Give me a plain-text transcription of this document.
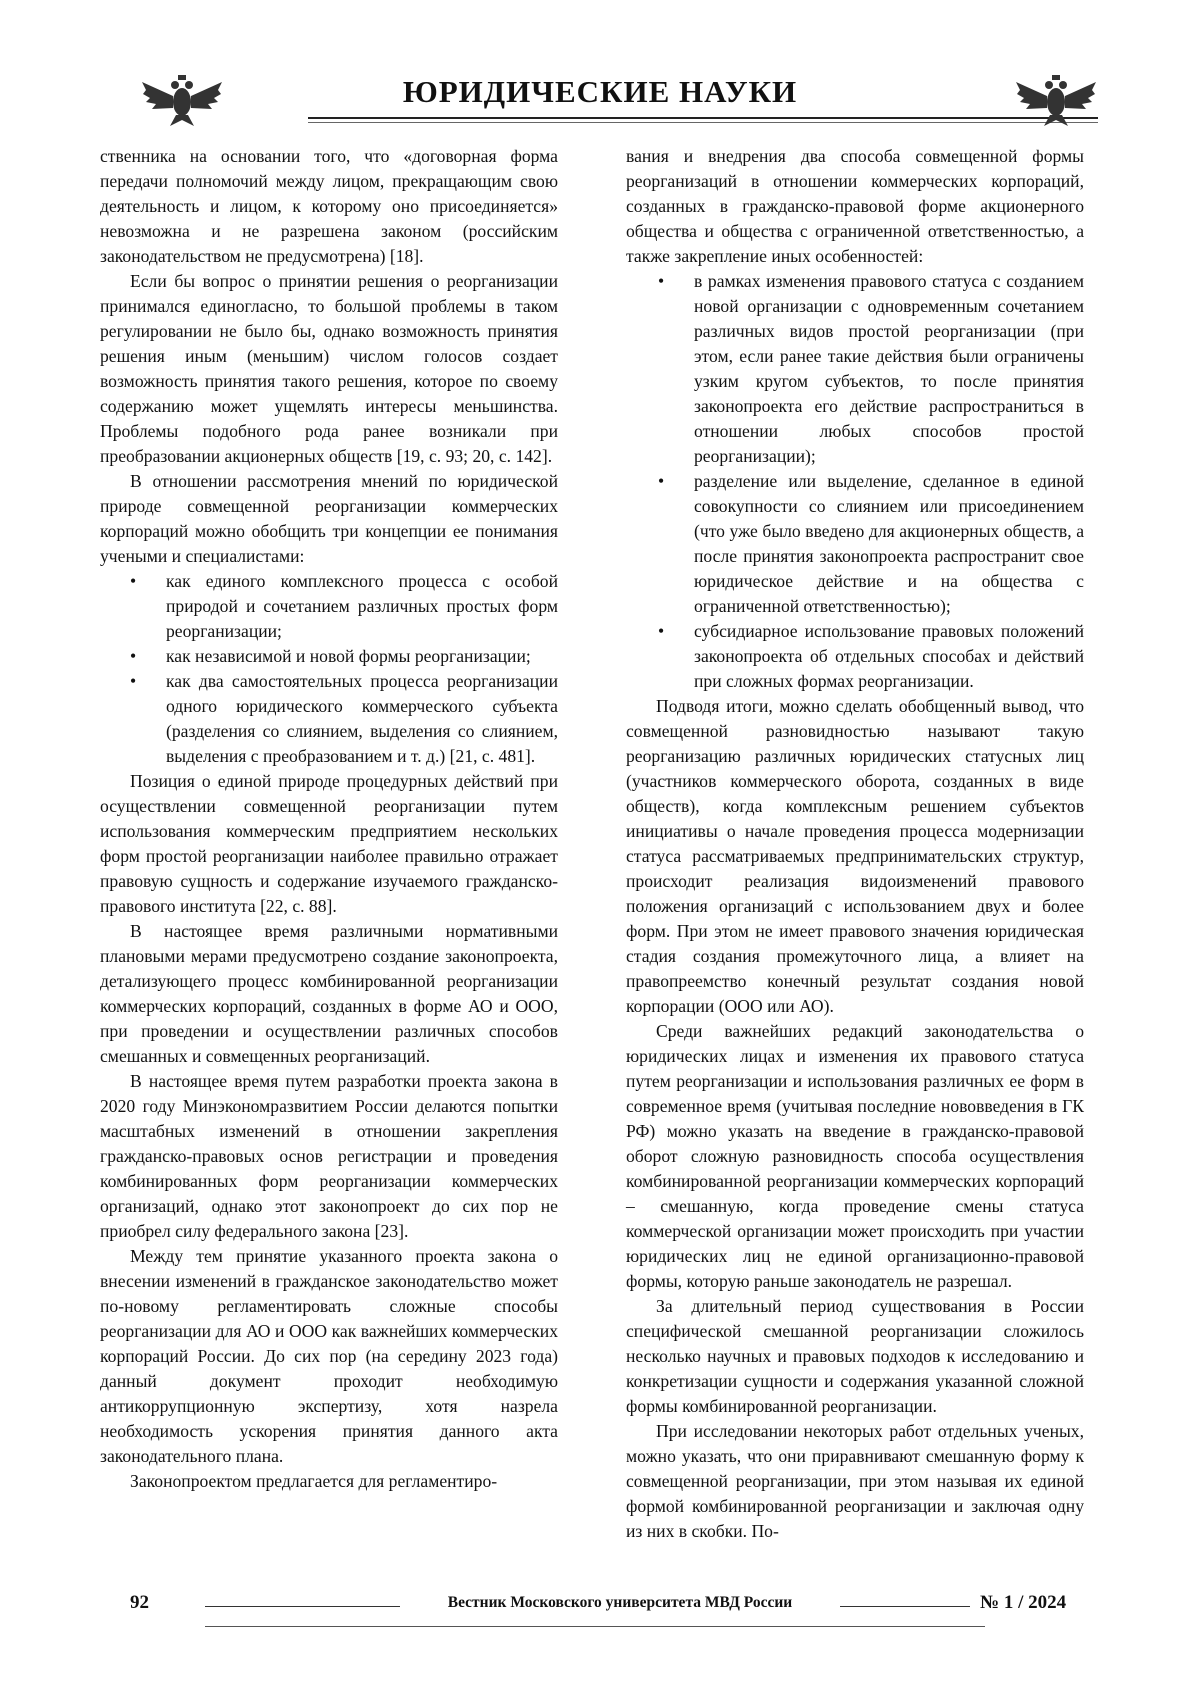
ЮРИДИЧЕСКИЕ НАУКИ

ственника на основании того, что «договорная форма передачи полномочий между лицом, прекращающим свою деятельность и лицом, к которому оно присоединяется» невозможна и не разрешена законом (российским законодательством не предусмотрена) [18].

Если бы вопрос о принятии решения о реорганизации принимался единогласно, то большой проблемы в таком регулировании не было бы, однако возможность принятия решения иным (меньшим) числом голосов создает возможность принятия такого решения, которое по своему содержанию может ущемлять интересы меньшинства. Проблемы подобного рода ранее возникали при преобразовании акционерных обществ [19, с. 93; 20, с. 142].

В отношении рассмотрения мнений по юридической природе совмещенной реорганизации коммерческих корпораций можно обобщить три концепции ее понимания учеными и специалистами:

• как единого комплексного процесса с особой природой и сочетанием различных простых форм реорганизации;
• как независимой и новой формы реорганизации;
• как два самостоятельных процесса реорганизации одного юридического коммерческого субъекта (разделения со слиянием, выделения со слиянием, выделения с преобразованием и т. д.) [21, с. 481].

Позиция о единой природе процедурных действий при осуществлении совмещенной реорганизации путем использования коммерческим предприятием нескольких форм простой реорганизации наиболее правильно отражает правовую сущность и содержание изучаемого гражданско-правового института [22, с. 88].

В настоящее время различными нормативными плановыми мерами предусмотрено создание законопроекта, детализующего процесс комбинированной реорганизации коммерческих корпораций, созданных в форме АО и ООО, при проведении и осуществлении различных способов смешанных и совмещенных реорганизаций.

В настоящее время путем разработки проекта закона в 2020 году Минэкономразвитием России делаются попытки масштабных изменений в отношении закрепления гражданско-правовых основ регистрации и проведения комбинированных форм реорганизации коммерческих организаций, однако этот законопроект до сих пор не приобрел силу федерального закона [23].

Между тем принятие указанного проекта закона о внесении изменений в гражданское законодательство может по-новому регламентировать сложные способы реорганизации для АО и ООО как важнейших коммерческих корпораций России. До сих пор (на середину 2023 года) данный документ проходит необходимую антикоррупционную экспертизу, хотя назрела необходимость ускорения принятия данного акта законодательного плана.

Законопроектом предлагается для регламентиро-

вания и внедрения два способа совмещенной формы реорганизаций в отношении коммерческих корпораций, созданных в гражданско-правовой форме акционерного общества и общества с ограниченной ответственностью, а также закрепление иных особенностей:

• в рамках изменения правового статуса с созданием новой организации с одновременным сочетанием различных видов простой реорганизации (при этом, если ранее такие действия были ограничены узким кругом субъектов, то после принятия законопроекта его действие распространиться в отношении любых способов простой реорганизации);
• разделение или выделение, сделанное в единой совокупности со слиянием или присоединением (что уже было введено для акционерных обществ, а после принятия законопроекта распространит свое юридическое действие и на общества с ограниченной ответственностью);
• субсидиарное использование правовых положений законопроекта об отдельных способах и действий при сложных формах реорганизации.

Подводя итоги, можно сделать обобщенный вывод, что совмещенной разновидностью называют такую реорганизацию различных юридических статусных лиц (участников коммерческого оборота, созданных в виде обществ), когда комплексным решением субъектов инициативы о начале проведения процесса модернизации статуса рассматриваемых предпринимательских структур, происходит реализация видоизменений правового положения организаций с использованием двух и более форм. При этом не имеет правового значения юридическая стадия создания промежуточного лица, а влияет на правопреемство конечный результат создания новой корпорации (ООО или АО).

Среди важнейших редакций законодательства о юридических лицах и изменения их правового статуса путем реорганизации и использования различных ее форм в современное время (учитывая последние нововведения в ГК РФ) можно указать на введение в гражданско-правовой оборот сложную разновидность способа осуществления комбинированной реорганизации коммерческих корпораций – смешанную, когда проведение смены статуса коммерческой организации может происходить при участии юридических лиц не единой организационно-правовой формы, которую раньше законодатель не разрешал.

За длительный период существования в России специфической смешанной реорганизации сложилось несколько научных и правовых подходов к исследованию и конкретизации сущности и содержания указанной сложной формы комбинированной реорганизации.

При исследовании некоторых работ отдельных ученых, можно указать, что они приравнивают смешанную форму к совмещенной реорганизации, при этом называя их единой формой комбинированной реорганизации и заключая одну из них в скобки. По-

92	Вестник Московского университета МВД России	№ 1 / 2024
